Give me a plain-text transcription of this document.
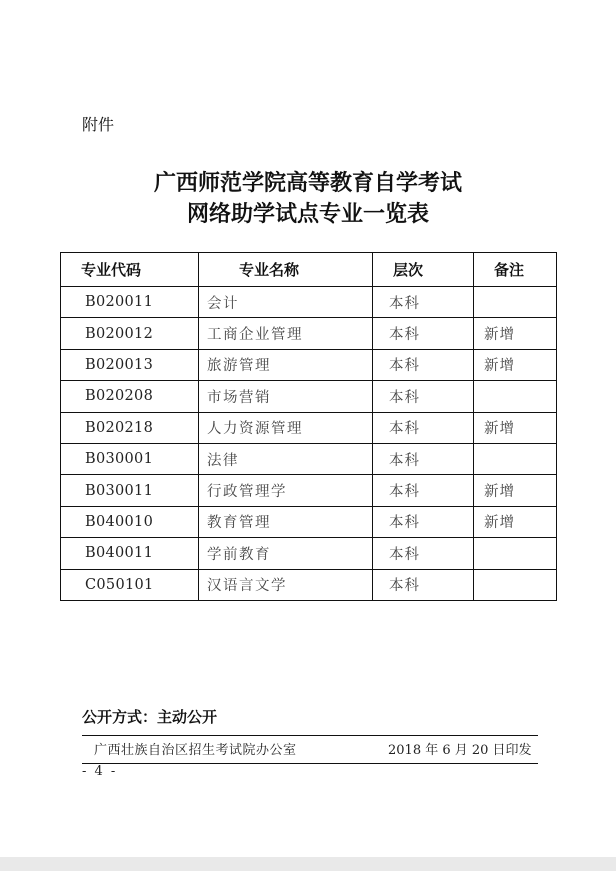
附件
广西师范学院高等教育自学考试
网络助学试点专业一览表
专业代码	专业名称	层次	备注
B020011	会计	本科	
B020012	工商企业管理	本科	新增
B020013	旅游管理	本科	新增
B020208	市场营销	本科	
B020218	人力资源管理	本科	新增
B030001	法律	本科	
B030011	行政管理学	本科	新增
B040010	教育管理	本科	新增
B040011	学前教育	本科	
C050101	汉语言文学	本科	
公开方式：主动公开
广西壮族自治区招生考试院办公室	2018 年 6 月 20 日印发
- 4 -
